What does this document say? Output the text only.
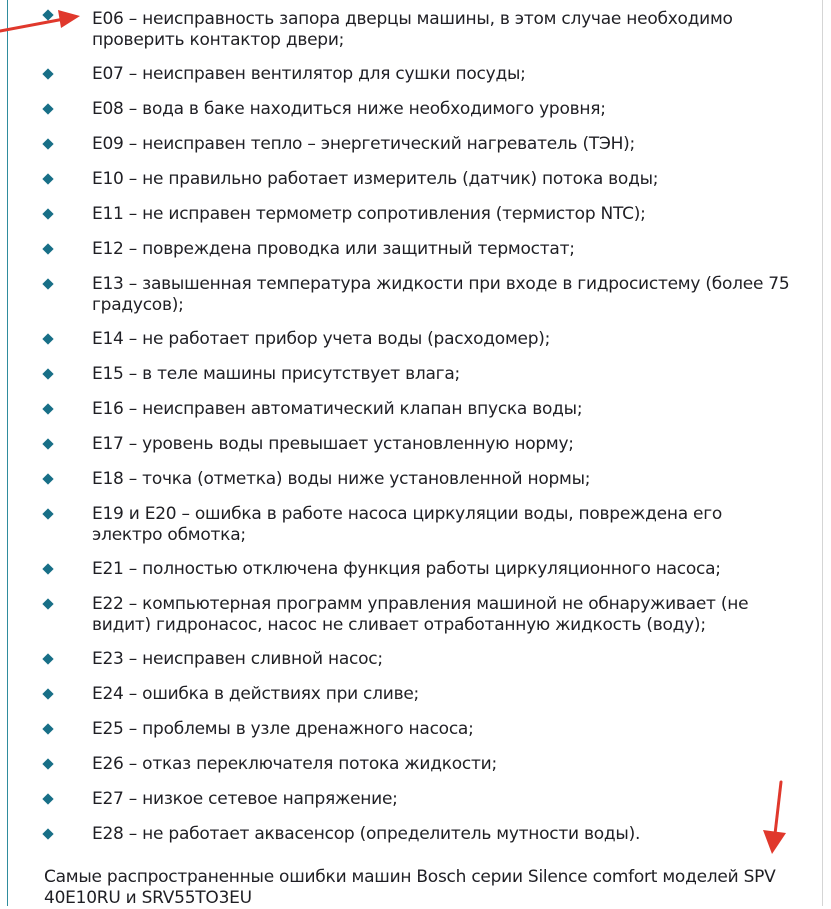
E06 – неисправность запора дверцы машины, в этом случае необходимо проверить контактор двери;
E07 – неисправен вентилятор для сушки посуды;
E08 – вода в баке находиться ниже необходимого уровня;
E09 – неисправен тепло – энергетический нагреватель (ТЭН);
E10 – не правильно работает измеритель (датчик) потока воды;
E11 – не исправен термометр сопротивления (термистор NTC);
E12 – повреждена проводка или защитный термостат;
E13 – завышенная температура жидкости при входе в гидросистему (более 75 градусов);
E14 – не работает прибор учета воды (расходомер);
E15 – в теле машины присутствует влага;
E16 – неисправен автоматический клапан впуска воды;
E17 – уровень воды превышает установленную норму;
E18 – точка (отметка) воды ниже установленной нормы;
E19 и E20 – ошибка в работе насоса циркуляции воды, повреждена его электро обмотка;
E21 – полностью отключена функция работы циркуляционного насоса;
E22 – компьютерная программ управления машиной не обнаруживает (не видит) гидронасос, насос не сливает отработанную жидкость (воду);
E23 – неисправен сливной насос;
E24 – ошибка в действиях при сливе;
E25 – проблемы в узле дренажного насоса;
E26 – отказ переключателя потока жидкости;
E27 – низкое сетевое напряжение;
E28 – не работает аквасенсор (определитель мутности воды).

Самые распространенные ошибки машин Bosch серии Silence comfort моделей SPV 40E10RU и SRV55TO3EU
